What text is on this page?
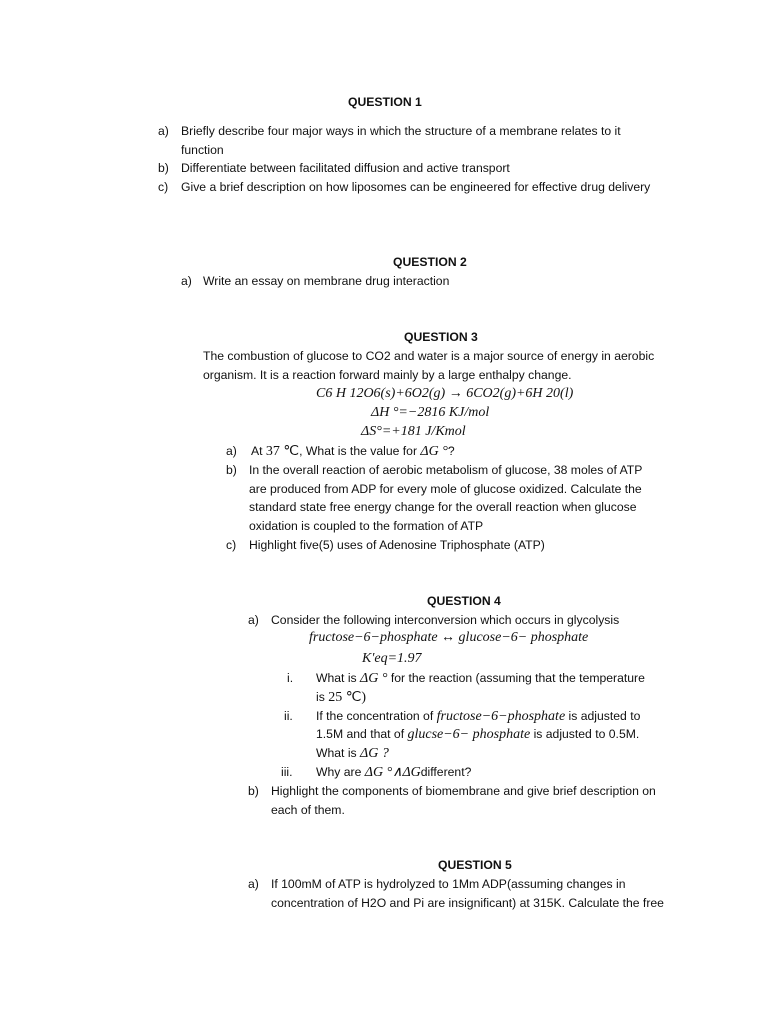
QUESTION 1
a) Briefly describe four major ways in which the structure of a membrane relates to it
function
b) Differentiate between facilitated diffusion and active transport
c) Give a brief description on how liposomes can be engineered for effective drug delivery
QUESTION 2
a) Write an essay on membrane drug interaction
QUESTION 3
The combustion of glucose to CO2 and water is a major source of energy in aerobic
organism. It is a reaction forward mainly by a large enthalpy change.
C6 H 12O6(s)+6O2(g) → 6CO2(g)+6H 20(l)
ΔH °=−2816 KJ/mol
ΔS°=+181 J/Kmol
a) At 37 ℃, What is the value for ΔG °?
b) In the overall reaction of aerobic metabolism of glucose, 38 moles of ATP
are produced from ADP for every mole of glucose oxidized. Calculate the
standard state free energy change for the overall reaction when glucose
oxidation is coupled to the formation of ATP
c) Highlight five(5) uses of Adenosine Triphosphate (ATP)
QUESTION 4
a) Consider the following interconversion which occurs in glycolysis
fructose−6−phosphate ↔ glucose−6− phosphate
K′eq=1.97
i. What is ΔG ° for the reaction (assuming that the temperature
is 25 ℃)
ii. If the concentration of fructose−6−phosphate is adjusted to
1.5M and that of glucse−6− phosphate is adjusted to 0.5M.
What is ΔG ?
iii. Why are ΔG °∧ΔGdifferent?
b) Highlight the components of biomembrane and give brief description on
each of them.
QUESTION 5
a) If 100mM of ATP is hydrolyzed to 1Mm ADP(assuming changes in
concentration of H2O and Pi are insignificant) at 315K. Calculate the free
